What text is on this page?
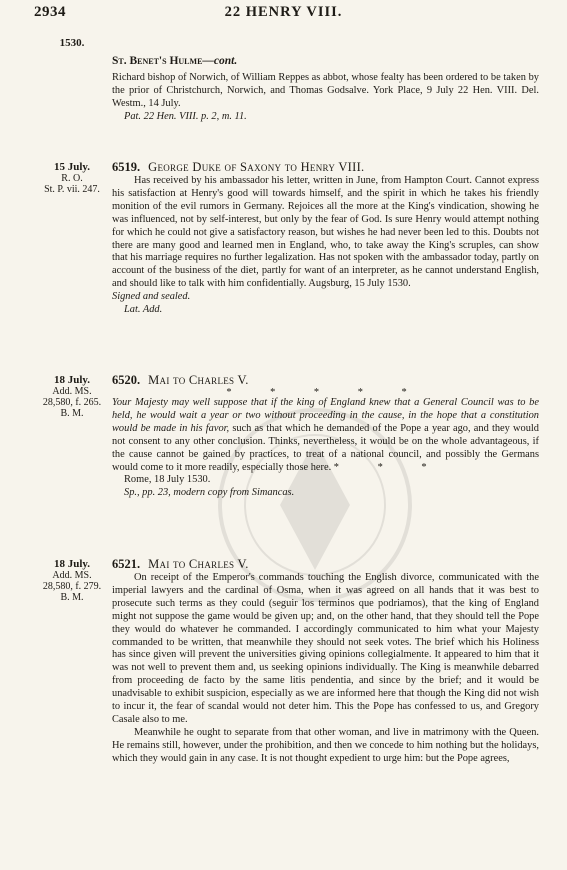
2934	22 HENRY VIII.
1530.

St. Benet's Hulme—cont.

Richard bishop of Norwich, of William Reppes as abbot, whose fealty has been ordered to be taken by the prior of Christchurch, Norwich, and Thomas Godsalve. York Place, 9 July 22 Hen. VIII. Del. Westm., 14 July.

Pat. 22 Hen. VIII. p. 2, m. 11.

15 July.
R. O.
St. P. vii. 247.

6519. George Duke of Saxony to Henry VIII.

Has received by his ambassador his letter, written in June, from Hampton Court. Cannot express his satisfaction at Henry's good will towards himself, and the spirit in which he takes his friendly monition of the evil rumors in Germany. Rejoices all the more at the King's vindication, showing he was influenced, not by self-interest, but only by the fear of God. Is sure Henry would attempt nothing for which he could not give a satisfactory reason, but wishes he had never been led to this. Doubts not there are many good and learned men in England, who, to take away the King's scruples, can show that his marriage requires no further legalization. Has not spoken with the ambassador today, partly on account of the business of the diet, partly for want of an interpreter, as he cannot understand English, and should like to talk with him confidentially. Augsburg, 15 July 1530.

Signed and sealed.

Lat. Add.

18 July.
Add. MS.
28,580, f. 265.
B. M.

6520. Mai to Charles V.

* * * * *

Your Majesty may well suppose that if the king of England knew that a General Council was to be held, he would wait a year or two without proceeding in the cause, in the hope that a constitution would be made in his favor, such as that which he demanded of the Pope a year ago, and they would not consent to any other conclusion. Thinks, nevertheless, it would be on the whole advantageous, if the cause cannot be gained by practices, to treat of a national council, and possibly the Germans would come to it more readily, especially those here. * * *

Rome, 18 July 1530.

Sp., pp. 23, modern copy from Simancas.

18 July.
Add. MS.
28,580, f. 279.
B. M.

6521. Mai to Charles V.

On receipt of the Emperor's commands touching the English divorce, communicated with the imperial lawyers and the cardinal of Osma, when it was agreed on all hands that it was best to prosecute such terms as they could (seguir los terminos que podriamos), that the king of England might not suppose the game would be given up; and, on the other hand, that they should tell the Pope they would do whatever he commanded. I accordingly communicated to him what your Majesty commanded to be written, that meanwhile they should not seek votes. The brief which his Holiness has since given will prevent the universities giving opinions collegialmente. It appeared to him that it was not well to prevent them and, us seeking opinions individually. The King is meanwhile debarred from proceeding de facto by the same litis pendentia, and since by the brief; and it would be unadvisable to exhibit suspicion, especially as we are informed here that though the King did not wish to incur it, the fear of scandal would not deter him. This the Pope has confessed to us, and Gregory Casale also to me.

Meanwhile he ought to separate from that other woman, and live in matrimony with the Queen. He remains still, however, under the prohibition, and then we concede to him nothing but the holidays, which they would gain in any case. It is not thought expedient to urge him: but the Pope agrees,
